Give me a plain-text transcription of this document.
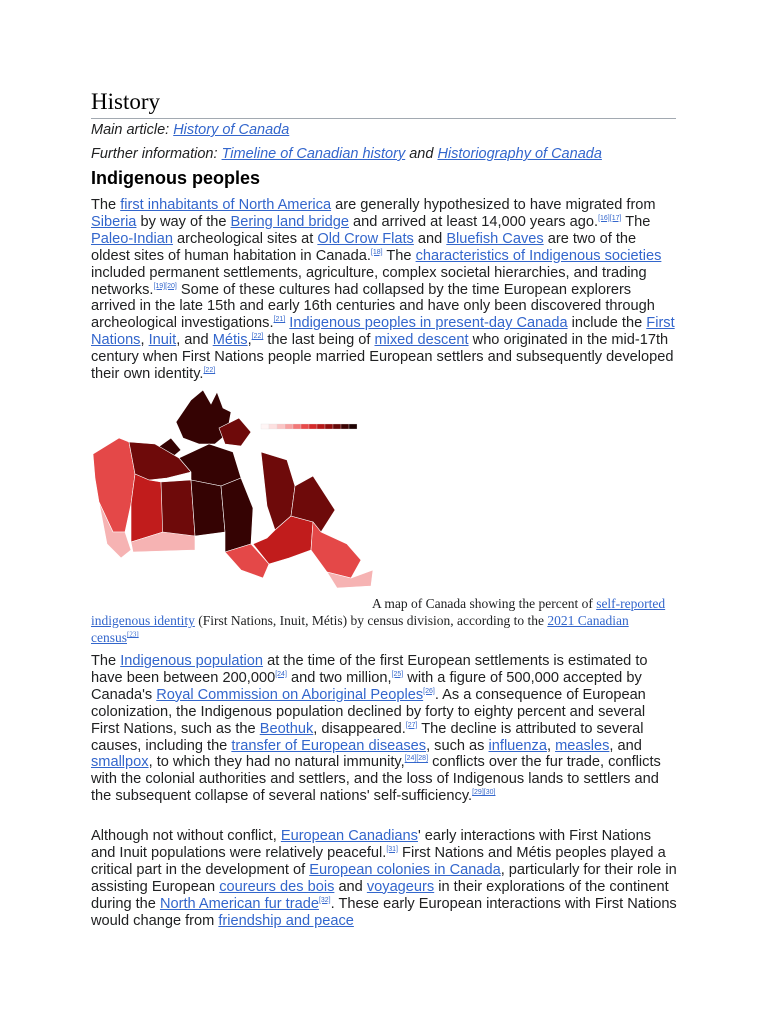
History
Main article: History of Canada
Further information: Timeline of Canadian history and Historiography of Canada
Indigenous peoples

The first inhabitants of North America are generally hypothesized to have migrated from Siberia by way of the Bering land bridge and arrived at least 14,000 years ago.[16][17] The Paleo-Indian archeological sites at Old Crow Flats and Bluefish Caves are two of the oldest sites of human habitation in Canada.[18] The characteristics of Indigenous societies included permanent settlements, agriculture, complex societal hierarchies, and trading networks.[19][20] Some of these cultures had collapsed by the time European explorers arrived in the late 15th and early 16th centuries and have only been discovered through archeological investigations.[21] Indigenous peoples in present-day Canada include the First Nations, Inuit, and Métis,[22] the last being of mixed descent who originated in the mid-17th century when First Nations people married European settlers and subsequently developed their own identity.[22]

A map of Canada showing the percent of self-reported indigenous identity (First Nations, Inuit, Métis) by census division, according to the 2021 Canadian census[23]

The Indigenous population at the time of the first European settlements is estimated to have been between 200,000[24] and two million,[25] with a figure of 500,000 accepted by Canada's Royal Commission on Aboriginal Peoples[26]. As a consequence of European colonization, the Indigenous population declined by forty to eighty percent and several First Nations, such as the Beothuk, disappeared.[27] The decline is attributed to several causes, including the transfer of European diseases, such as influenza, measles, and smallpox, to which they had no natural immunity,[24][28] conflicts over the fur trade, conflicts with the colonial authorities and settlers, and the loss of Indigenous lands to settlers and the subsequent collapse of several nations' self-sufficiency.[29][30]

Although not without conflict, European Canadians' early interactions with First Nations and Inuit populations were relatively peaceful.[31] First Nations and Métis peoples played a critical part in the development of European colonies in Canada, particularly for their role in assisting European coureurs des bois and voyageurs in their explorations of the continent during the North American fur trade[32]. These early European interactions with First Nations would change from friendship and peace
